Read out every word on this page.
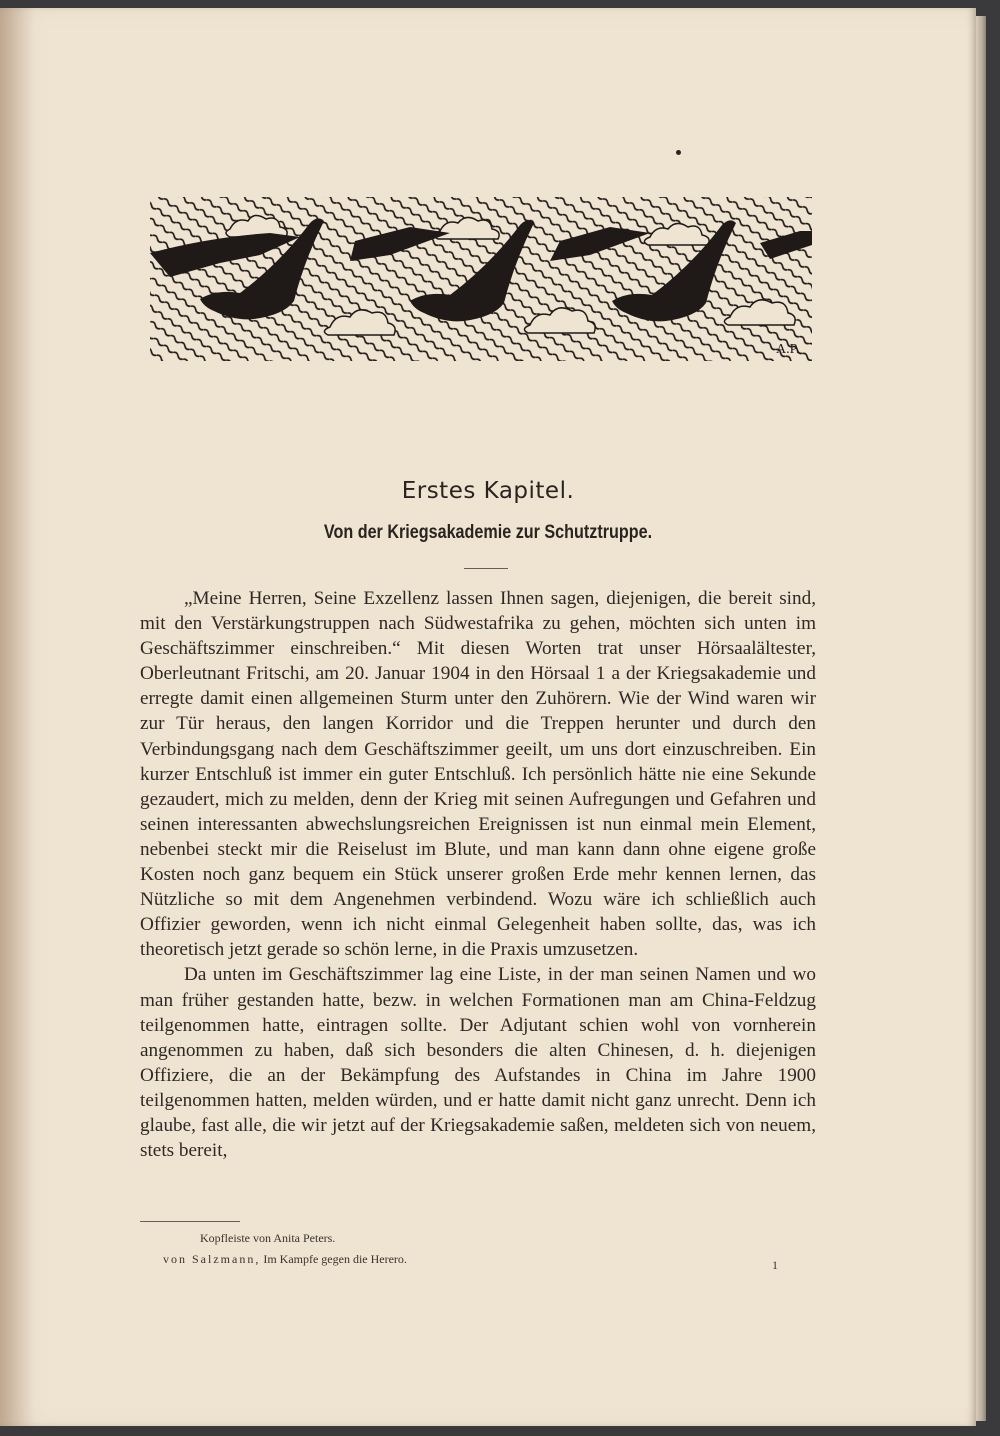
A.P.
Erstes Kapitel.
Von der Kriegsakademie zur Schutztruppe.

„Meine Herren, Seine Exzellenz lassen Ihnen sagen, diejenigen, die bereit sind, mit den Verstärkungstruppen nach Südwestafrika zu gehen, möchten sich unten im Geschäftszimmer einschreiben.“ Mit diesen Worten trat unser Hörsaalältester, Oberleutnant Fritschi, am 20. Januar 1904 in den Hörsaal 1 a der Kriegsakademie und erregte damit einen allgemeinen Sturm unter den Zuhörern. Wie der Wind waren wir zur Tür heraus, den langen Korridor und die Treppen herunter und durch den Verbindungsgang nach dem Geschäftszimmer geeilt, um uns dort einzuschreiben. Ein kurzer Entschluß ist immer ein guter Entschluß. Ich persönlich hätte nie eine Sekunde gezaudert, mich zu melden, denn der Krieg mit seinen Aufregungen und Gefahren und seinen interessanten abwechslungsreichen Ereignissen ist nun einmal mein Element, nebenbei steckt mir die Reiselust im Blute, und man kann dann ohne eigene große Kosten noch ganz bequem ein Stück unserer großen Erde mehr kennen lernen, das Nützliche so mit dem Angenehmen verbindend. Wozu wäre ich schließlich auch Offizier geworden, wenn ich nicht einmal Gelegenheit haben sollte, das, was ich theoretisch jetzt gerade so schön lerne, in die Praxis umzusetzen.

Da unten im Geschäftszimmer lag eine Liste, in der man seinen Namen und wo man früher gestanden hatte, bezw. in welchen Formationen man am China-Feldzug teilgenommen hatte, eintragen sollte. Der Adjutant schien wohl von vornherein angenommen zu haben, daß sich besonders die alten Chinesen, d. h. diejenigen Offiziere, die an der Bekämpfung des Aufstandes in China im Jahre 1900 teilgenommen hatten, melden würden, und er hatte damit nicht ganz unrecht. Denn ich glaube, fast alle, die wir jetzt auf der Kriegsakademie saßen, meldeten sich von neuem, stets bereit,

Kopfleiste von Anita Peters.
von Salzmann, Im Kampfe gegen die Herero.	1
